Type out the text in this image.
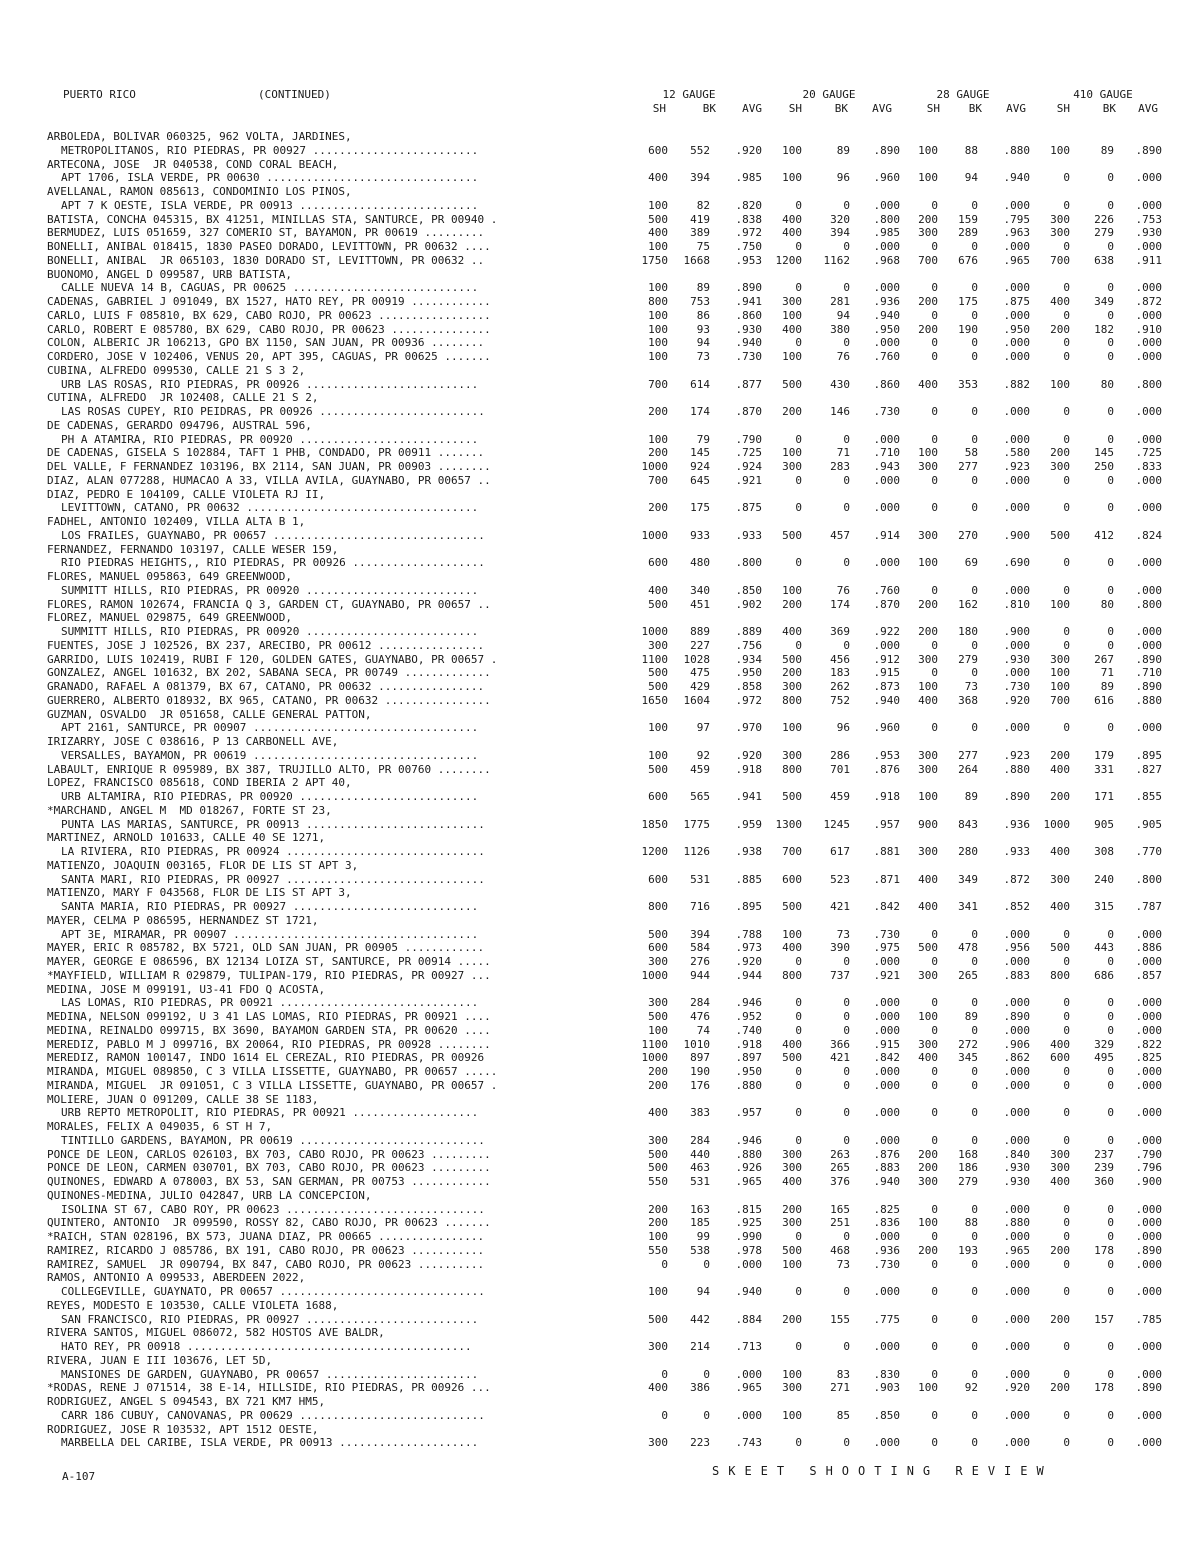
PUERTO RICO	(CONTINUED)	12 GAUGE	20 GAUGE	28 GAUGE	410 GAUGE
SH	BK	AVG	SH	BK	AVG	SH	BK	AVG	SH	BK	AVG
ARBOLEDA, BOLIVAR 060325, 962 VOLTA, JARDINES,
METROPOLITANOS, RIO PIEDRAS, PR 00927 .........................	600	552	.920	100	89	.890	100	88	.880	100	89	.890
ARTECONA, JOSE  JR 040538, COND CORAL BEACH,
APT 1706, ISLA VERDE, PR 00630 ................................	400	394	.985	100	96	.960	100	94	.940	0	0	.000
AVELLANAL, RAMON 085613, CONDOMINIO LOS PINOS,
APT 7 K OESTE, ISLA VERDE, PR 00913 ...........................	100	82	.820	0	0	.000	0	0	.000	0	0	.000
BATISTA, CONCHA 045315, BX 41251, MINILLAS STA, SANTURCE, PR 00940 .	500	419	.838	400	320	.800	200	159	.795	300	226	.753
BERMUDEZ, LUIS 051659, 327 COMERIO ST, BAYAMON, PR 00619 .........	400	389	.972	400	394	.985	300	289	.963	300	279	.930
BONELLI, ANIBAL 018415, 1830 PASEO DORADO, LEVITTOWN, PR 00632 ....	100	75	.750	0	0	.000	0	0	.000	0	0	.000
BONELLI, ANIBAL  JR 065103, 1830 DORADO ST, LEVITTOWN, PR 00632 ..	1750	1668	.953	1200	1162	.968	700	676	.965	700	638	.911
BUONOMO, ANGEL D 099587, URB BATISTA,
CALLE NUEVA 14 B, CAGUAS, PR 00625 ............................	100	89	.890	0	0	.000	0	0	.000	0	0	.000
CADENAS, GABRIEL J 091049, BX 1527, HATO REY, PR 00919 ............	800	753	.941	300	281	.936	200	175	.875	400	349	.872
CARLO, LUIS F 085810, BX 629, CABO ROJO, PR 00623 .................	100	86	.860	100	94	.940	0	0	.000	0	0	.000
CARLO, ROBERT E 085780, BX 629, CABO ROJO, PR 00623 ...............	100	93	.930	400	380	.950	200	190	.950	200	182	.910
COLON, ALBERIC JR 106213, GPO BX 1150, SAN JUAN, PR 00936 ........	100	94	.940	0	0	.000	0	0	.000	0	0	.000
CORDERO, JOSE V 102406, VENUS 20, APT 395, CAGUAS, PR 00625 .......	100	73	.730	100	76	.760	0	0	.000	0	0	.000
CUBINA, ALFREDO 099530, CALLE 21 S 3 2,
URB LAS ROSAS, RIO PIEDRAS, PR 00926 ..........................	700	614	.877	500	430	.860	400	353	.882	100	80	.800
CUTINA, ALFREDO  JR 102408, CALLE 21 S 2,
LAS ROSAS CUPEY, RIO PEIDRAS, PR 00926 .........................	200	174	.870	200	146	.730	0	0	.000	0	0	.000
DE CADENAS, GERARDO 094796, AUSTRAL 596,
PH A ATAMIRA, RIO PIEDRAS, PR 00920 ...........................	100	79	.790	0	0	.000	0	0	.000	0	0	.000
DE CADENAS, GISELA S 102884, TAFT 1 PHB, CONDADO, PR 00911 .......	200	145	.725	100	71	.710	100	58	.580	200	145	.725
DEL VALLE, F FERNANDEZ 103196, BX 2114, SAN JUAN, PR 00903 ........	1000	924	.924	300	283	.943	300	277	.923	300	250	.833
DIAZ, ALAN 077288, HUMACAO A 33, VILLA AVILA, GUAYNABO, PR 00657 ..	700	645	.921	0	0	.000	0	0	.000	0	0	.000
DIAZ, PEDRO E 104109, CALLE VIOLETA RJ II,
LEVITTOWN, CATANO, PR 00632 ...................................	200	175	.875	0	0	.000	0	0	.000	0	0	.000
FADHEL, ANTONIO 102409, VILLA ALTA B 1,
LOS FRAILES, GUAYNABO, PR 00657 ................................	1000	933	.933	500	457	.914	300	270	.900	500	412	.824
FERNANDEZ, FERNANDO 103197, CALLE WESER 159,
RIO PIEDRAS HEIGHTS,, RIO PIEDRAS, PR 00926 ....................	600	480	.800	0	0	.000	100	69	.690	0	0	.000
FLORES, MANUEL 095863, 649 GREENWOOD,
SUMMITT HILLS, RIO PIEDRAS, PR 00920 ..........................	400	340	.850	100	76	.760	0	0	.000	0	0	.000
FLORES, RAMON 102674, FRANCIA Q 3, GARDEN CT, GUAYNABO, PR 00657 ..	500	451	.902	200	174	.870	200	162	.810	100	80	.800
FLOREZ, MANUEL 029875, 649 GREENWOOD,
SUMMITT HILLS, RIO PIEDRAS, PR 00920 ..........................	1000	889	.889	400	369	.922	200	180	.900	0	0	.000
FUENTES, JOSE J 102526, BX 237, ARECIBO, PR 00612 ................	300	227	.756	0	0	.000	0	0	.000	0	0	.000
GARRIDO, LUIS 102419, RUBI F 120, GOLDEN GATES, GUAYNABO, PR 00657 .	1100	1028	.934	500	456	.912	300	279	.930	300	267	.890
GONZALEZ, ANGEL 101632, BX 202, SABANA SECA, PR 00749 .............	500	475	.950	200	183	.915	0	0	.000	100	71	.710
GRANADO, RAFAEL A 081379, BX 67, CATANO, PR 00632 ................	500	429	.858	300	262	.873	100	73	.730	100	89	.890
GUERRERO, ALBERTO 018932, BX 965, CATANO, PR 00632 ................	1650	1604	.972	800	752	.940	400	368	.920	700	616	.880
GUZMAN, OSVALDO  JR 051658, CALLE GENERAL PATTON,
APT 2161, SANTURCE, PR 00907 ..................................	100	97	.970	100	96	.960	0	0	.000	0	0	.000
IRIZARRY, JOSE C 038616, P 13 CARBONELL AVE,
VERSALLES, BAYAMON, PR 00619 ..................................	100	92	.920	300	286	.953	300	277	.923	200	179	.895
LABAULT, ENRIQUE R 095989, BX 387, TRUJILLO ALTO, PR 00760 ........	500	459	.918	800	701	.876	300	264	.880	400	331	.827
LOPEZ, FRANCISCO 085618, COND IBERIA 2 APT 40,
URB ALTAMIRA, RIO PIEDRAS, PR 00920 ...........................	600	565	.941	500	459	.918	100	89	.890	200	171	.855
*MARCHAND, ANGEL M  MD 018267, FORTE ST 23,
PUNTA LAS MARIAS, SANTURCE, PR 00913 ...........................	1850	1775	.959	1300	1245	.957	900	843	.936	1000	905	.905
MARTINEZ, ARNOLD 101633, CALLE 40 SE 1271,
LA RIVIERA, RIO PIEDRAS, PR 00924 ..............................	1200	1126	.938	700	617	.881	300	280	.933	400	308	.770
MATIENZO, JOAQUIN 003165, FLOR DE LIS ST APT 3,
SANTA MARI, RIO PIEDRAS, PR 00927 ..............................	600	531	.885	600	523	.871	400	349	.872	300	240	.800
MATIENZO, MARY F 043568, FLOR DE LIS ST APT 3,
SANTA MARIA, RIO PIEDRAS, PR 00927 ............................	800	716	.895	500	421	.842	400	341	.852	400	315	.787
MAYER, CELMA P 086595, HERNANDEZ ST 1721,
APT 3E, MIRAMAR, PR 00907 .....................................	500	394	.788	100	73	.730	0	0	.000	0	0	.000
MAYER, ERIC R 085782, BX 5721, OLD SAN JUAN, PR 00905 ............	600	584	.973	400	390	.975	500	478	.956	500	443	.886
MAYER, GEORGE E 086596, BX 12134 LOIZA ST, SANTURCE, PR 00914 .....	300	276	.920	0	0	.000	0	0	.000	0	0	.000
*MAYFIELD, WILLIAM R 029879, TULIPAN-179, RIO PIEDRAS, PR 00927 ...	1000	944	.944	800	737	.921	300	265	.883	800	686	.857
MEDINA, JOSE M 099191, U3-41 FDO Q ACOSTA,
LAS LOMAS, RIO PIEDRAS, PR 00921 ..............................	300	284	.946	0	0	.000	0	0	.000	0	0	.000
MEDINA, NELSON 099192, U 3 41 LAS LOMAS, RIO PIEDRAS, PR 00921 ....	500	476	.952	0	0	.000	100	89	.890	0	0	.000
MEDINA, REINALDO 099715, BX 3690, BAYAMON GARDEN STA, PR 00620 ....	100	74	.740	0	0	.000	0	0	.000	0	0	.000
MEREDIZ, PABLO M J 099716, BX 20064, RIO PIEDRAS, PR 00928 ........	1100	1010	.918	400	366	.915	300	272	.906	400	329	.822
MEREDIZ, RAMON 100147, INDO 1614 EL CEREZAL, RIO PIEDRAS, PR 00926	1000	897	.897	500	421	.842	400	345	.862	600	495	.825
MIRANDA, MIGUEL 089850, C 3 VILLA LISSETTE, GUAYNABO, PR 00657 .....	200	190	.950	0	0	.000	0	0	.000	0	0	.000
MIRANDA, MIGUEL  JR 091051, C 3 VILLA LISSETTE, GUAYNABO, PR 00657 .	200	176	.880	0	0	.000	0	0	.000	0	0	.000
MOLIERE, JUAN O 091209, CALLE 38 SE 1183,
URB REPTO METROPOLIT, RIO PIEDRAS, PR 00921 ...................	400	383	.957	0	0	.000	0	0	.000	0	0	.000
MORALES, FELIX A 049035, 6 ST H 7,
TINTILLO GARDENS, BAYAMON, PR 00619 ............................	300	284	.946	0	0	.000	0	0	.000	0	0	.000
PONCE DE LEON, CARLOS 026103, BX 703, CABO ROJO, PR 00623 .........	500	440	.880	300	263	.876	200	168	.840	300	237	.790
PONCE DE LEON, CARMEN 030701, BX 703, CABO ROJO, PR 00623 .........	500	463	.926	300	265	.883	200	186	.930	300	239	.796
QUINONES, EDWARD A 078003, BX 53, SAN GERMAN, PR 00753 ............	550	531	.965	400	376	.940	300	279	.930	400	360	.900
QUINONES-MEDINA, JULIO 042847, URB LA CONCEPCION,
ISOLINA ST 67, CABO ROY, PR 00623 ..............................	200	163	.815	200	165	.825	0	0	.000	0	0	.000
QUINTERO, ANTONIO  JR 099590, ROSSY 82, CABO ROJO, PR 00623 .......	200	185	.925	300	251	.836	100	88	.880	0	0	.000
*RAICH, STAN 028196, BX 573, JUANA DIAZ, PR 00665 ................	100	99	.990	0	0	.000	0	0	.000	0	0	.000
RAMIREZ, RICARDO J 085786, BX 191, CABO ROJO, PR 00623 ...........	550	538	.978	500	468	.936	200	193	.965	200	178	.890
RAMIREZ, SAMUEL  JR 090794, BX 847, CABO ROJO, PR 00623 ..........	0	0	.000	100	73	.730	0	0	.000	0	0	.000
RAMOS, ANTONIO A 099533, ABERDEEN 2022,
COLLEGEVILLE, GUAYNATO, PR 00657 ...............................	100	94	.940	0	0	.000	0	0	.000	0	0	.000
REYES, MODESTO E 103530, CALLE VIOLETA 1688,
SAN FRANCISCO, RIO PIEDRAS, PR 00927 ..........................	500	442	.884	200	155	.775	0	0	.000	200	157	.785
RIVERA SANTOS, MIGUEL 086072, 582 HOSTOS AVE BALDR,
HATO REY, PR 00918 ...........................................	300	214	.713	0	0	.000	0	0	.000	0	0	.000
RIVERA, JUAN E III 103676, LET 5D,
MANSIONES DE GARDEN, GUAYNABO, PR 00657 .......................	0	0	.000	100	83	.830	0	0	.000	0	0	.000
*RODAS, RENE J 071514, 38 E-14, HILLSIDE, RIO PIEDRAS, PR 00926 ...	400	386	.965	300	271	.903	100	92	.920	200	178	.890
RODRIGUEZ, ANGEL S 094543, BX 721 KM7 HM5,
CARR 186 CUBUY, CANOVANAS, PR 00629 ............................	0	0	.000	100	85	.850	0	0	.000	0	0	.000
RODRIGUEZ, JOSE R 103532, APT 1512 OESTE,
MARBELLA DEL CARIBE, ISLA VERDE, PR 00913 .....................	300	223	.743	0	0	.000	0	0	.000	0	0	.000
A-107	SKEET SHOOTING REVIEW
